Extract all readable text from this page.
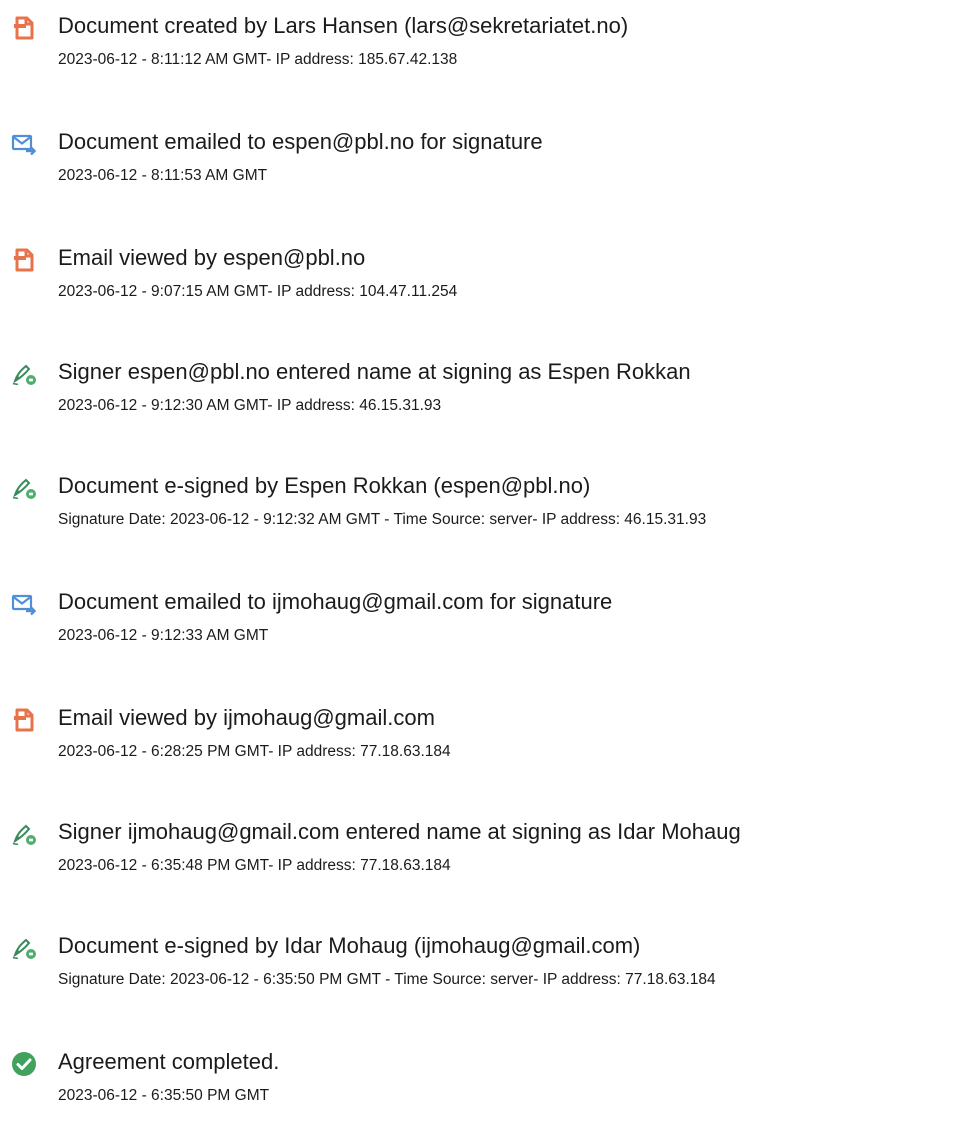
Document created by Lars Hansen (lars@sekretariatet.no)
2023-06-12 - 8:11:12 AM GMT- IP address: 185.67.42.138
Document emailed to espen@pbl.no for signature
2023-06-12 - 8:11:53 AM GMT
Email viewed by espen@pbl.no
2023-06-12 - 9:07:15 AM GMT- IP address: 104.47.11.254
Signer espen@pbl.no entered name at signing as Espen Rokkan
2023-06-12 - 9:12:30 AM GMT- IP address: 46.15.31.93
Document e-signed by Espen Rokkan (espen@pbl.no)
Signature Date: 2023-06-12 - 9:12:32 AM GMT - Time Source: server- IP address: 46.15.31.93
Document emailed to ijmohaug@gmail.com for signature
2023-06-12 - 9:12:33 AM GMT
Email viewed by ijmohaug@gmail.com
2023-06-12 - 6:28:25 PM GMT- IP address: 77.18.63.184
Signer ijmohaug@gmail.com entered name at signing as Idar Mohaug
2023-06-12 - 6:35:48 PM GMT- IP address: 77.18.63.184
Document e-signed by Idar Mohaug (ijmohaug@gmail.com)
Signature Date: 2023-06-12 - 6:35:50 PM GMT - Time Source: server- IP address: 77.18.63.184
Agreement completed.
2023-06-12 - 6:35:50 PM GMT
